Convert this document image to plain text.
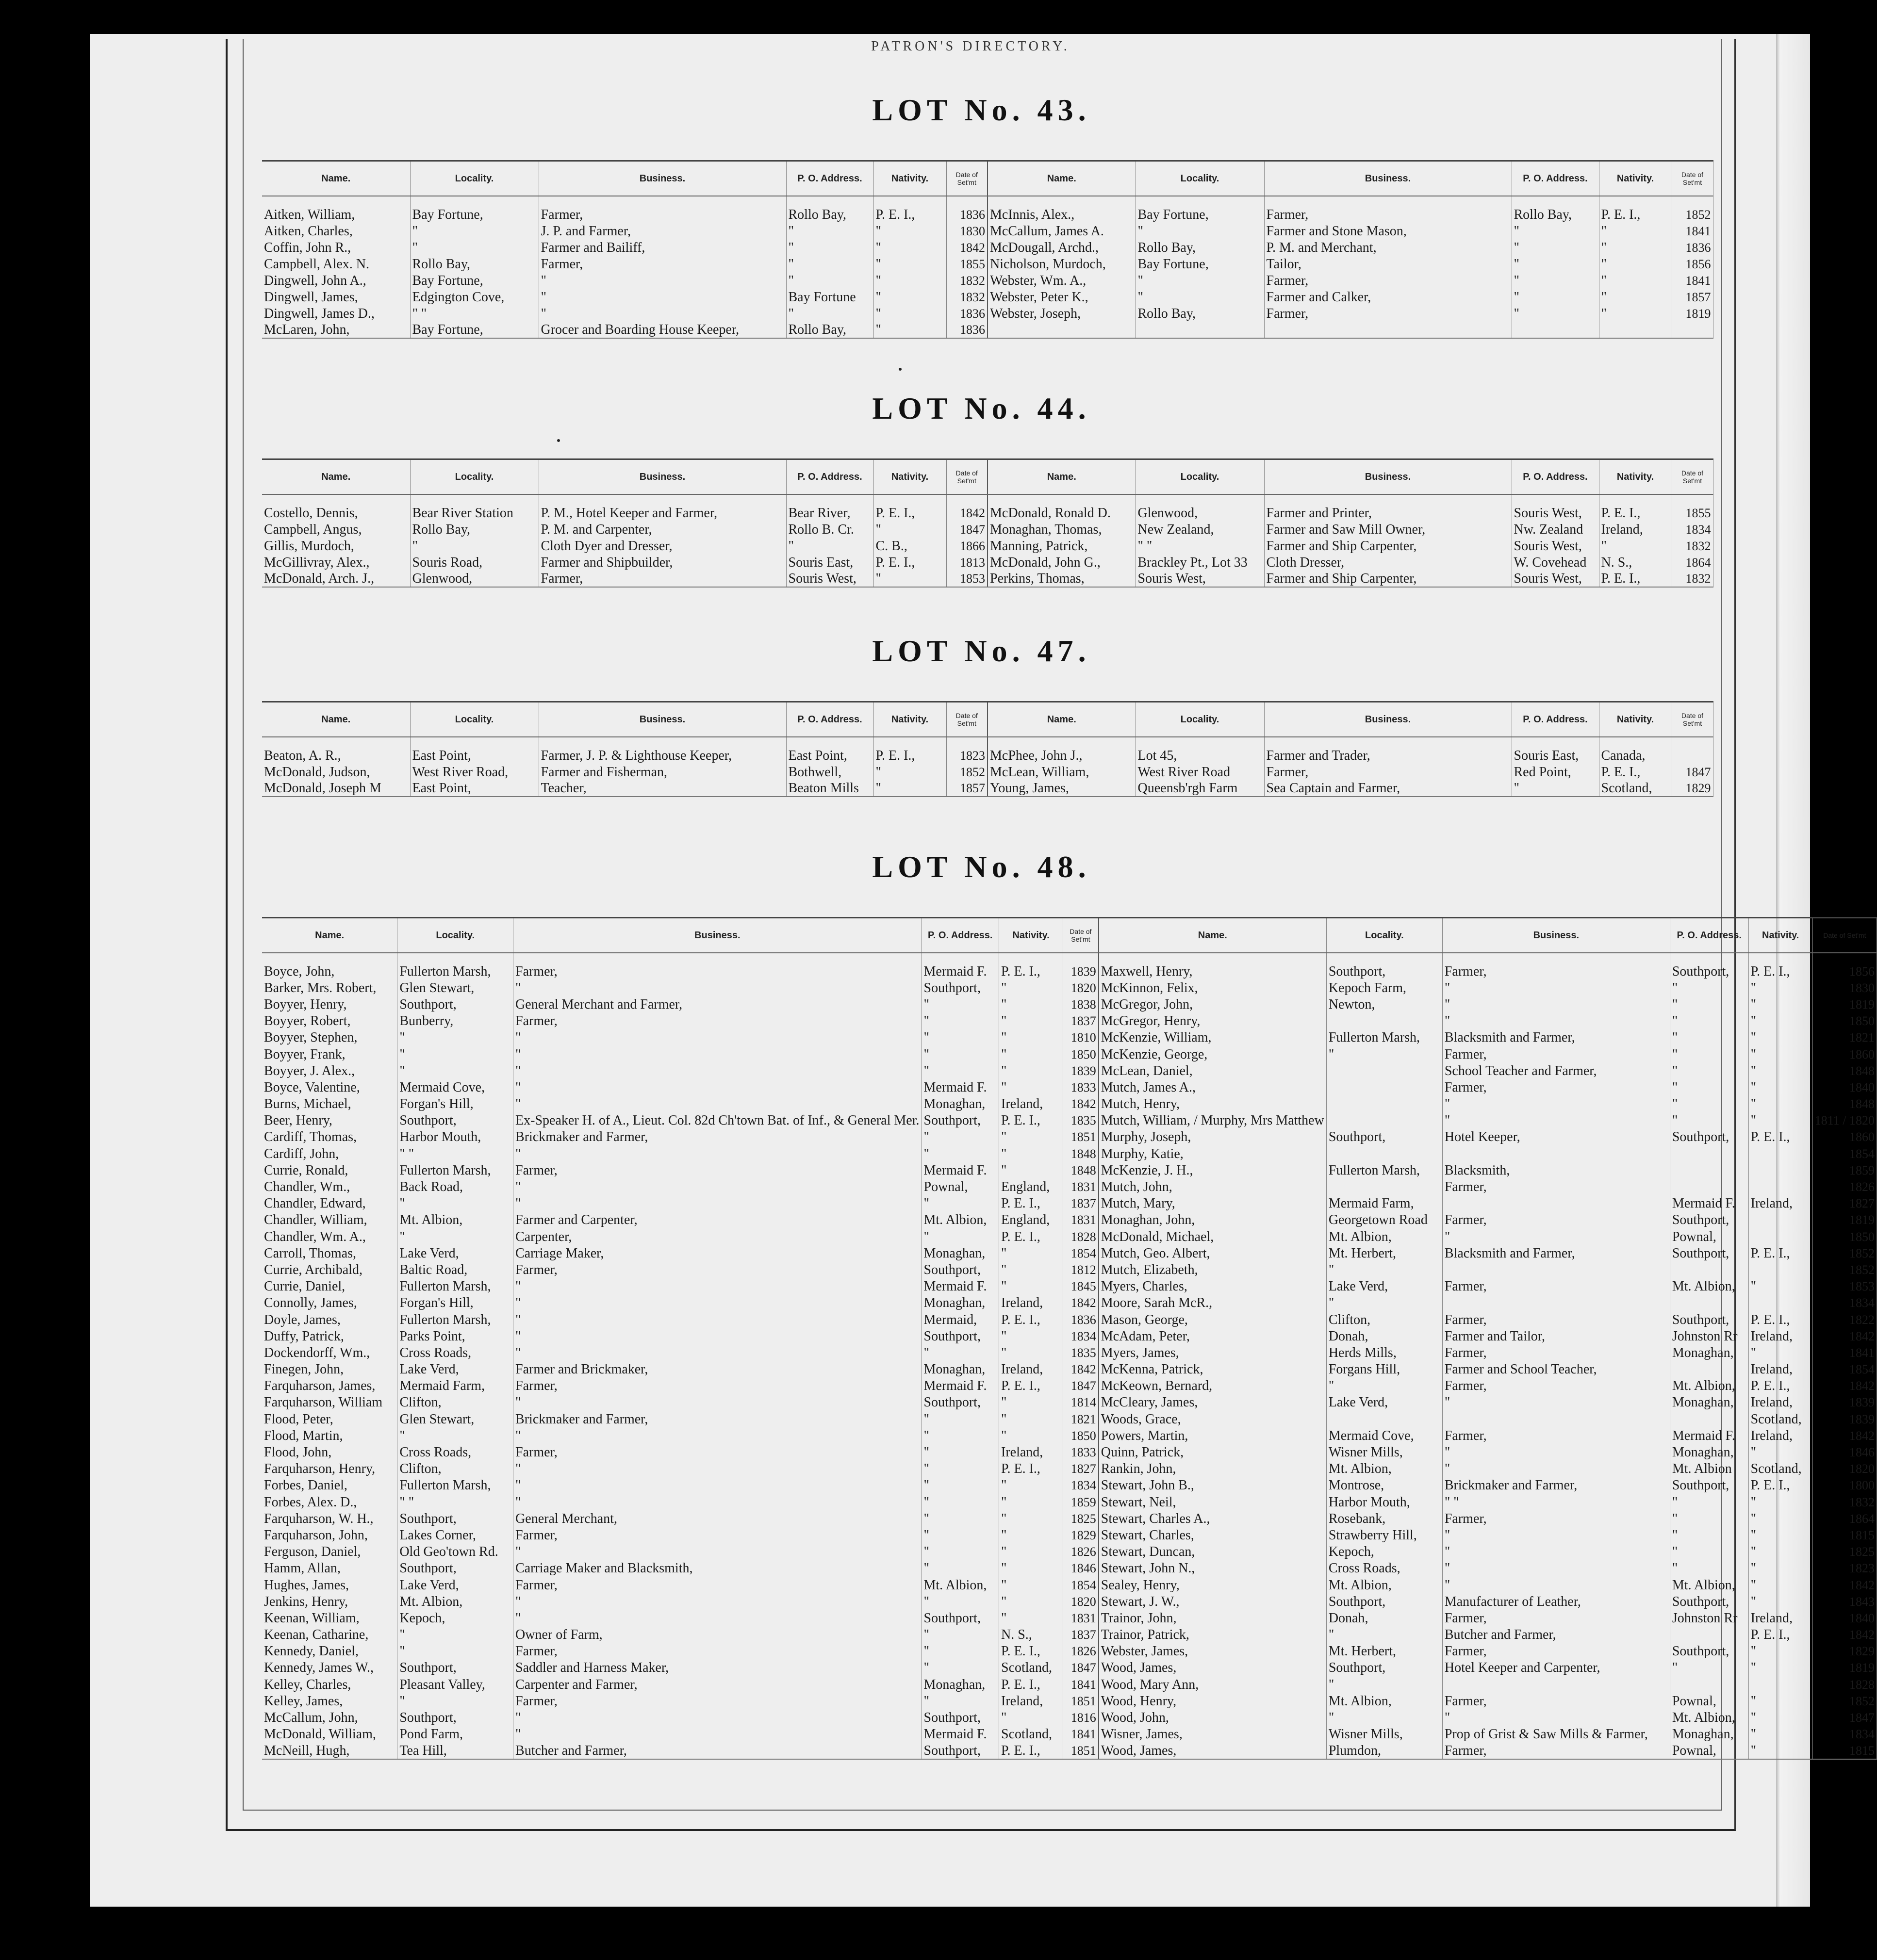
PATRON'S DIRECTORY.
LOT No. 43.
Name.	Locality.	Business.	P. O. Address.	Nativity.	Date of Set'mt	Name.	Locality.	Business.	P. O. Address.	Nativity.	Date of Set'mt

Aitken, William,	Bay Fortune,	Farmer,	Rollo Bay,	P. E. I.,	1836	McInnis, Alex.,	Bay Fortune,	Farmer,	Rollo Bay,	P. E. I.,	1852
Aitken, Charles,	"	J. P. and Farmer,	"	"	1830	McCallum, James A.	"	Farmer and Stone Mason,	"	"	1841
Coffin, John R.,	"	Farmer and Bailiff,	"	"	1842	McDougall, Archd.,	Rollo Bay,	P. M. and Merchant,	"	"	1836
Campbell, Alex. N.	Rollo Bay,	Farmer,	"	"	1855	Nicholson, Murdoch,	Bay Fortune,	Tailor,	"	"	1856
Dingwell, John A.,	Bay Fortune,	"	"	"	1832	Webster, Wm. A.,	"	Farmer,	"	"	1841
Dingwell, James,	Edgington Cove,	"	Bay Fortune	"	1832	Webster, Peter K.,	"	Farmer and Calker,	"	"	1857
Dingwell, James D.,	" "	"	"	"	1836	Webster, Joseph,	Rollo Bay,	Farmer,	"	"	1819
McLaren, John,	Bay Fortune,	Grocer and Boarding House Keeper,	Rollo Bay,	"	1836						
LOT No. 44.
Name.	Locality.	Business.	P. O. Address.	Nativity.	Date of Set'mt	Name.	Locality.	Business.	P. O. Address.	Nativity.	Date of Set'mt

Costello, Dennis,	Bear River Station	P. M., Hotel Keeper and Farmer,	Bear River,	P. E. I.,	1842	McDonald, Ronald D.	Glenwood,	Farmer and Printer,	Souris West,	P. E. I.,	1855
Campbell, Angus,	Rollo Bay,	P. M. and Carpenter,	Rollo B. Cr.	"	1847	Monaghan, Thomas,	New Zealand,	Farmer and Saw Mill Owner,	Nw. Zealand	Ireland,	1834
Gillis, Murdoch,	"	Cloth Dyer and Dresser,	"	C. B.,	1866	Manning, Patrick,	" "	Farmer and Ship Carpenter,	Souris West,	"	1832
McGillivray, Alex.,	Souris Road,	Farmer and Shipbuilder,	Souris East,	P. E. I.,	1813	McDonald, John G.,	Brackley Pt., Lot 33	Cloth Dresser,	W. Covehead	N. S.,	1864
McDonald, Arch. J.,	Glenwood,	Farmer,	Souris West,	"	1853	Perkins, Thomas,	Souris West,	Farmer and Ship Carpenter,	Souris West,	P. E. I.,	1832
LOT No. 47.
Name.	Locality.	Business.	P. O. Address.	Nativity.	Date of Set'mt	Name.	Locality.	Business.	P. O. Address.	Nativity.	Date of Set'mt

Beaton, A. R.,	East Point,	Farmer, J. P. & Lighthouse Keeper,	East Point,	P. E. I.,	1823	McPhee, John J.,	Lot 45,	Farmer and Trader,	Souris East,	Canada,	
McDonald, Judson,	West River Road,	Farmer and Fisherman,	Bothwell,	"	1852	McLean, William,	West River Road	Farmer,	Red Point,	P. E. I.,	1847
McDonald, Joseph M	East Point,	Teacher,	Beaton Mills	"	1857	Young, James,	Queensb'rgh Farm	Sea Captain and Farmer,	"	Scotland,	1829
LOT No. 48.
Name.	Locality.	Business.	P. O. Address.	Nativity.	Date of Set'mt	Name.	Locality.	Business.	P. O. Address.	Nativity.	Date of Set'mt

Boyce, John,	Fullerton Marsh,	Farmer,	Mermaid F.	P. E. I.,	1839	Maxwell, Henry,	Southport,	Farmer,	Southport,	P. E. I.,	1856
Barker, Mrs. Robert,	Glen Stewart,	"	Southport,	"	1820	McKinnon, Felix,	Kepoch Farm,	"	"	"	1830
Boyyer, Henry,	Southport,	General Merchant and Farmer,	"	"	1838	McGregor, John,	Newton,	"	"	"	1819
Boyyer, Robert,	Bunberry,	Farmer,	"	"	1837	McGregor, Henry,		"	"	"	1850
Boyyer, Stephen,	"	"	"	"	1810	McKenzie, William,	Fullerton Marsh,	Blacksmith and Farmer,	"	"	1821
Boyyer, Frank,	"	"	"	"	1850	McKenzie, George,	"	Farmer,	"	"	1860
Boyyer, J. Alex.,	"	"	"	"	1839	McLean, Daniel,		School Teacher and Farmer,	"	"	1848
Boyce, Valentine,	Mermaid Cove,	"	Mermaid F.	"	1833	Mutch, James A.,		Farmer,	"	"	1840
Burns, Michael,	Forgan's Hill,	"	Monaghan,	Ireland,	1842	Mutch, Henry,		"	"	"	1848
Beer, Henry,	Southport,	Ex-Speaker H. of A., Lieut. Col. 82d Ch'town Bat. of Inf., & General Mer.	Southport,	P. E. I.,	1835	Mutch, William, / Murphy, Mrs Matthew		"	"	"	1811 / 1820
Cardiff, Thomas,	Harbor Mouth,	Brickmaker and Farmer,	"	"	1851	Murphy, Joseph,	Southport,	Hotel Keeper,	Southport,	P. E. I.,	1860
Cardiff, John,	" "	"	"	"	1848	Murphy, Katie,					1854
Currie, Ronald,	Fullerton Marsh,	Farmer,	Mermaid F.	"	1848	McKenzie, J. H.,	Fullerton Marsh,	Blacksmith,			1859
Chandler, Wm.,	Back Road,	"	Pownal,	England,	1831	Mutch, John,		Farmer,			1826
Chandler, Edward,	"	"	"	P. E. I.,	1837	Mutch, Mary,	Mermaid Farm,		Mermaid F.	Ireland,	1827
Chandler, William,	Mt. Albion,	Farmer and Carpenter,	Mt. Albion,	England,	1831	Monaghan, John,	Georgetown Road	Farmer,	Southport,		1819
Chandler, Wm. A.,	"	Carpenter,	"	P. E. I.,	1828	McDonald, Michael,	Mt. Albion,	"	Pownal,		1850
Carroll, Thomas,	Lake Verd,	Carriage Maker,	Monaghan,	"	1854	Mutch, Geo. Albert,	Mt. Herbert,	Blacksmith and Farmer,	Southport,	P. E. I.,	1852
Currie, Archibald,	Baltic Road,	Farmer,	Southport,	"	1812	Mutch, Elizabeth,	"				1852
Currie, Daniel,	Fullerton Marsh,	"	Mermaid F.	"	1845	Myers, Charles,	Lake Verd,	Farmer,	Mt. Albion,	"	1853
Connolly, James,	Forgan's Hill,	"	Monaghan,	Ireland,	1842	Moore, Sarah McR.,	"				1834
Doyle, James,	Fullerton Marsh,	"	Mermaid,	P. E. I.,	1836	Mason, George,	Clifton,	Farmer,	Southport,	P. E. I.,	1822
Duffy, Patrick,	Parks Point,	"	Southport,	"	1834	McAdam, Peter,	Donah,	Farmer and Tailor,	Johnston Rr	Ireland,	1842
Dockendorff, Wm.,	Cross Roads,	"	"	"	1835	Myers, James,	Herds Mills,	Farmer,	Monaghan,	"	1841
Finegen, John,	Lake Verd,	Farmer and Brickmaker,	Monaghan,	Ireland,	1842	McKenna, Patrick,	Forgans Hill,	Farmer and School Teacher,		Ireland,	1854
Farquharson, James,	Mermaid Farm,	Farmer,	Mermaid F.	P. E. I.,	1847	McKeown, Bernard,	"	Farmer,	Mt. Albion,	P. E. I.,	1842
Farquharson, William	Clifton,	"	Southport,	"	1814	McCleary, James,	Lake Verd,	"	Monaghan,	Ireland,	1839
Flood, Peter,	Glen Stewart,	Brickmaker and Farmer,	"	"	1821	Woods, Grace,				Scotland,	1839
Flood, Martin,	"	"	"	"	1850	Powers, Martin,	Mermaid Cove,	Farmer,	Mermaid F.	Ireland,	1842
Flood, John,	Cross Roads,	Farmer,	"	Ireland,	1833	Quinn, Patrick,	Wisner Mills,	"	Monaghan,	"	1846
Farquharson, Henry,	Clifton,	"	"	P. E. I.,	1827	Rankin, John,	Mt. Albion,	"	Mt. Albion	Scotland,	1820
Forbes, Daniel,	Fullerton Marsh,	"	"	"	1834	Stewart, John B.,	Montrose,	Brickmaker and Farmer,	Southport,	P. E. I.,	1800
Forbes, Alex. D.,	" "	"	"	"	1859	Stewart, Neil,	Harbor Mouth,	" "	"	"	1832
Farquharson, W. H.,	Southport,	General Merchant,	"	"	1825	Stewart, Charles A.,	Rosebank,	Farmer,	"	"	1864
Farquharson, John,	Lakes Corner,	Farmer,	"	"	1829	Stewart, Charles,	Strawberry Hill,	"	"	"	1815
Ferguson, Daniel,	Old Geo'town Rd.	"	"	"	1826	Stewart, Duncan,	Kepoch,	"	"	"	1825
Hamm, Allan,	Southport,	Carriage Maker and Blacksmith,	"	"	1846	Stewart, John N.,	Cross Roads,	"	"	"	1823
Hughes, James,	Lake Verd,	Farmer,	Mt. Albion,	"	1854	Sealey, Henry,	Mt. Albion,	"	Mt. Albion,	"	1842
Jenkins, Henry,	Mt. Albion,	"	"	"	1820	Stewart, J. W.,	Southport,	Manufacturer of Leather,	Southport,	"	1843
Keenan, William,	Kepoch,	"	Southport,	"	1831	Trainor, John,	Donah,	Farmer,	Johnston Rr	Ireland,	1840
Keenan, Catharine,	"	Owner of Farm,	"	N. S.,	1837	Trainor, Patrick,	"	Butcher and Farmer,		P. E. I.,	1842
Kennedy, Daniel,	"	Farmer,	"	P. E. I.,	1826	Webster, James,	Mt. Herbert,	Farmer,	Southport,	"	1829
Kennedy, James W.,	Southport,	Saddler and Harness Maker,	"	Scotland,	1847	Wood, James,	Southport,	Hotel Keeper and Carpenter,	"	"	1819
Kelley, Charles,	Pleasant Valley,	Carpenter and Farmer,	Monaghan,	P. E. I.,	1841	Wood, Mary Ann,	"				1828
Kelley, James,	"	Farmer,	"	Ireland,	1851	Wood, Henry,	Mt. Albion,	Farmer,	Pownal,	"	1852
McCallum, John,	Southport,	"	Southport,	"	1816	Wood, John,	"	"	Mt. Albion,	"	1847
McDonald, William,	Pond Farm,	"	Mermaid F.	Scotland,	1841	Wisner, James,	Wisner Mills,	Prop of Grist & Saw Mills & Farmer,	Monaghan,	"	1834
McNeill, Hugh,	Tea Hill,	Butcher and Farmer,	Southport,	P. E. I.,	1851	Wood, James,	Plumdon,	Farmer,	Pownal,	"	1815
